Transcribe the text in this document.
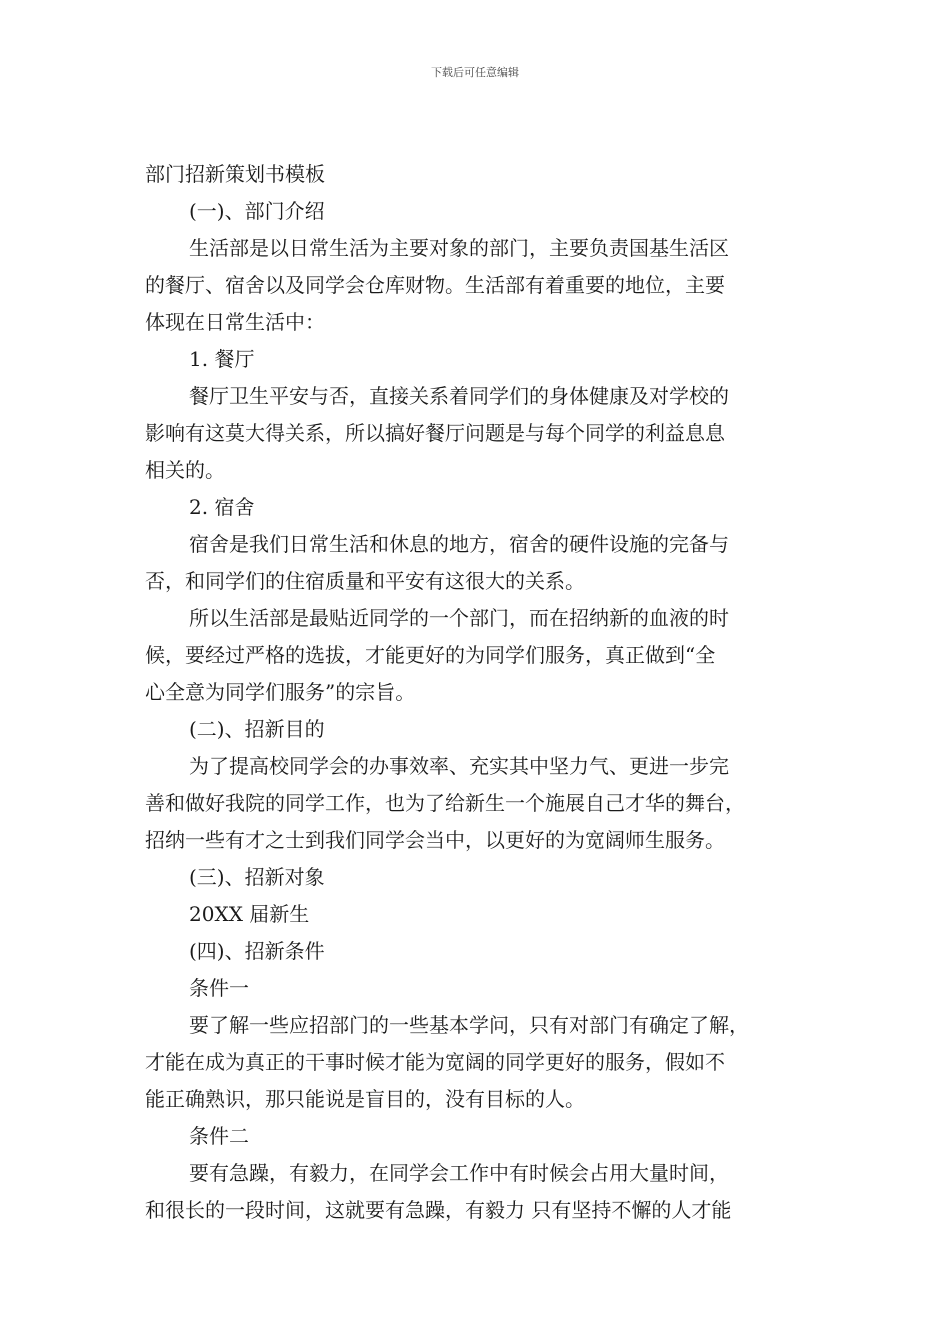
下载后可任意编辑
部门招新策划书模板
(一)、部门介绍
生活部是以日常生活为主要对象的部门，主要负责国基生活区
的餐厅、宿舍以及同学会仓库财物。生活部有着重要的地位，主要
体现在日常生活中：
1. 餐厅
餐厅卫生平安与否，直接关系着同学们的身体健康及对学校的
影响有这莫大得关系，所以搞好餐厅问题是与每个同学的利益息息
相关的。
2. 宿舍
宿舍是我们日常生活和休息的地方，宿舍的硬件设施的完备与
否，和同学们的住宿质量和平安有这很大的关系。
所以生活部是最贴近同学的一个部门，而在招纳新的血液的时
候，要经过严格的选拔，才能更好的为同学们服务，真正做到“全
心全意为同学们服务”的宗旨。
(二)、招新目的
为了提高校同学会的办事效率、充实其中坚力气、更进一步完
善和做好我院的同学工作，也为了给新生一个施展自己才华的舞台，
招纳一些有才之士到我们同学会当中，以更好的为宽阔师生服务。
(三)、招新对象
20XX 届新生
(四)、招新条件
条件一
要了解一些应招部门的一些基本学问，只有对部门有确定了解，
才能在成为真正的干事时候才能为宽阔的同学更好的服务，假如不
能正确熟识，那只能说是盲目的，没有目标的人。
条件二
要有急躁，有毅力，在同学会工作中有时候会占用大量时间，
和很长的一段时间，这就要有急躁，有毅力 只有坚持不懈的人才能
